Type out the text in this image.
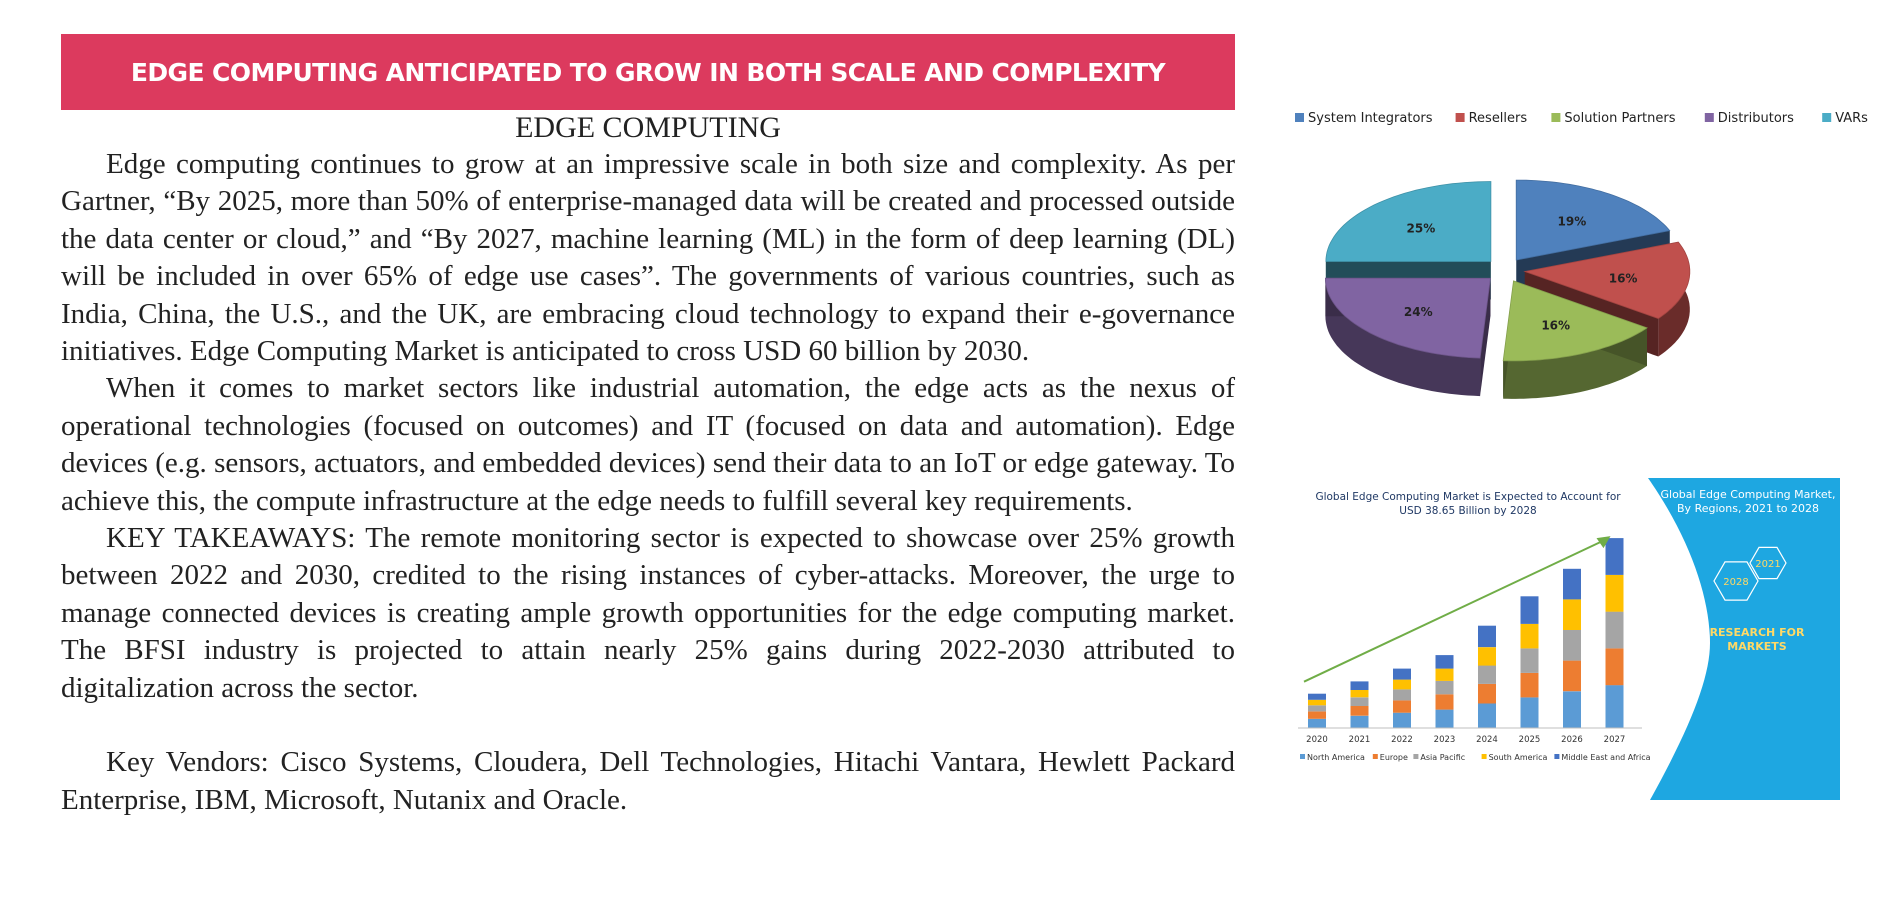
EDGE COMPUTING ANTICIPATED TO GROW IN BOTH SCALE AND COMPLEXITY
EDGE COMPUTING

Edge computing continues to grow at an impressive scale in both size and complexity. As per Gartner, “By 2025, more than 50% of enterprise-managed data will be created and processed outside the data center or cloud,” and “By 2027, machine learning (ML) in the form of deep learning (DL) will be included in over 65% of edge use cases”. The governments of various countries, such as India, China, the U.S., and the UK, are embracing cloud technology to expand their e-governance initiatives. Edge Computing Market is anticipated to cross USD 60 billion by 2030.

When it comes to market sectors like industrial automation, the edge acts as the nexus of operational technologies (focused on outcomes) and IT (focused on data and automation). Edge devices (e.g. sensors, actuators, and embedded devices) send their data to an IoT or edge gateway. To achieve this, the compute infrastructure at the edge needs to fulfill several key requirements.

KEY TAKEAWAYS: The remote monitoring sector is expected to showcase over 25% growth between 2022 and 2030, credited to the rising instances of cyber-attacks. Moreover, the urge to manage connected devices is creating ample growth opportunities for the edge computing market. The BFSI industry is projected to attain nearly 25% gains during 2022-2030 attributed to digitalization across the sector.

Key Vendors: Cisco Systems, Cloudera, Dell Technologies, Hitachi Vantara, Hewlett Packard Enterprise, IBM, Microsoft, Nutanix and Oracle.

System Integrators	Resellers	Solution Partners	Distributors	VARs
19%
25%
16%
24%
16%
Global Edge Computing Market,
By Regions, 2021 to 2028
2021
2028
RESEARCH FOR
MARKETS
Global Edge Computing Market is Expected to Account for
USD 38.65 Billion by 2028
2020 2021 2022 2023 2024 2025 2026 2027
North America Europe Asia Pacific	South America Middle East and Africa
